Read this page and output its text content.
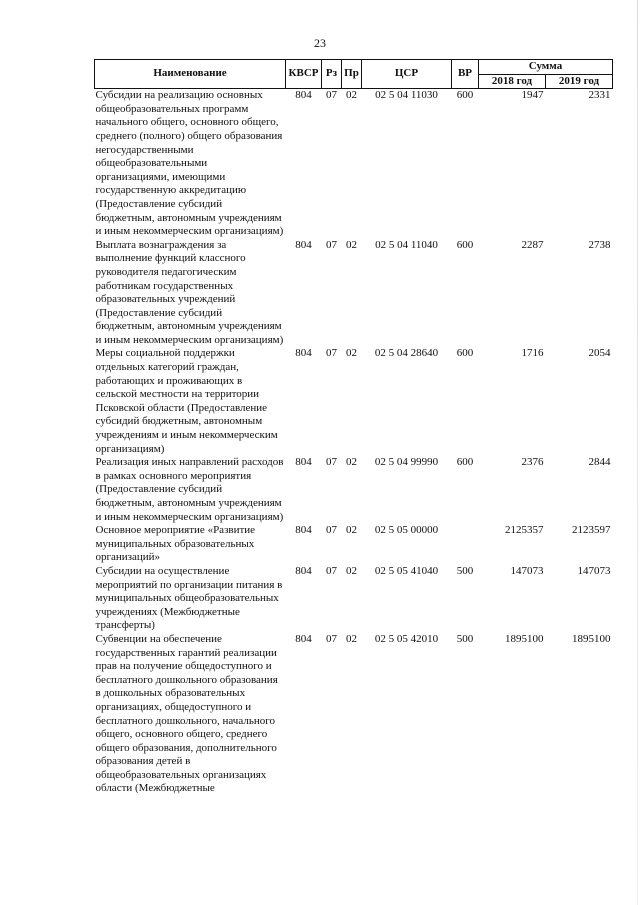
23
Наименование	КВСР	Рз	Пр	ЦСР	ВР	Сумма	
						2018 год	2019 год
Субсидии на реализацию основных общеобразовательных программ начального общего, основного общего, среднего (полного) общего образования негосударственными общеобразовательными организациями, имеющими государственную аккредитацию (Предоставление субсидий бюджетным, автономным учреждениям и иным некоммерческим организациям)	804	07	02	02 5 04 11030	600	1947	2331
Выплата вознаграждения за выполнение функций классного руководителя педагогическим работникам государственных образовательных учреждений (Предоставление субсидий бюджетным, автономным учреждениям и иным некоммерческим организациям)	804	07	02	02 5 04 11040	600	2287	2738
Меры социальной поддержки отдельных категорий граждан, работающих и проживающих в сельской местности на территории Псковской области (Предоставление субсидий бюджетным, автономным учреждениям и иным некоммерческим организациям)	804	07	02	02 5 04 28640	600	1716	2054
Реализация иных направлений расходов в рамках основного мероприятия (Предоставление субсидий бюджетным, автономным учреждениям и иным некоммерческим организациям)	804	07	02	02 5 04 99990	600	2376	2844
Основное мероприятие «Развитие муниципальных образовательных организаций»	804	07	02	02 5 05 00000		2125357	2123597
Субсидии на осуществление мероприятий по организации питания в муниципальных общеобразовательных учреждениях (Межбюджетные трансферты)	804	07	02	02 5 05 41040	500	147073	147073
Субвенции на обеспечение государственных гарантий реализации прав на получение общедоступного и бесплатного дошкольного образования в дошкольных образовательных организациях, общедоступного и бесплатного дошкольного, начального общего, основного общего, среднего общего образования, дополнительного образования детей в общеобразовательных организациях области (Межбюджетные	804	07	02	02 5 05 42010	500	1895100	1895100
